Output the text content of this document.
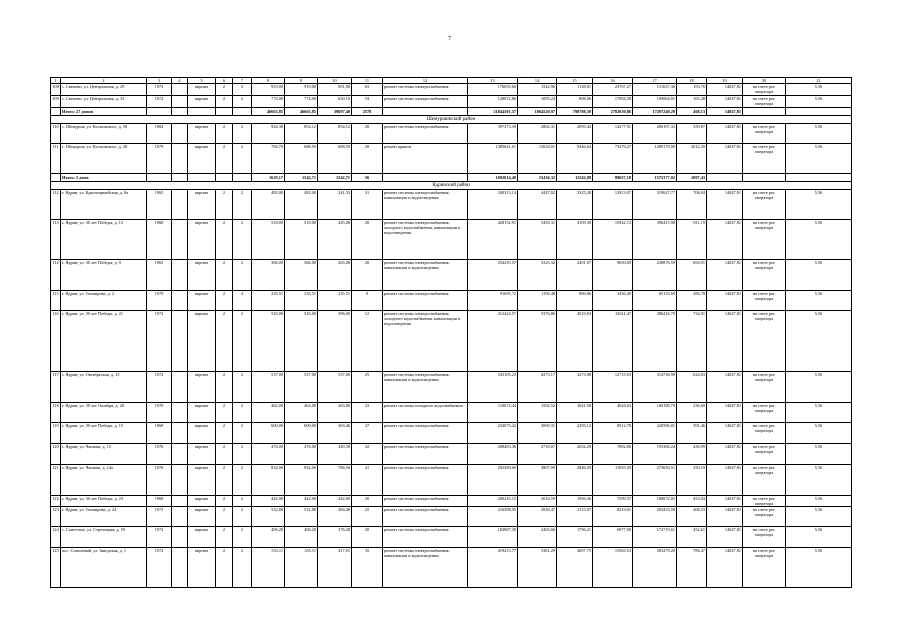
7
1	2	3	4	5	6	7	8	9	10	11	12	13	14	15	16	17	18	19	20	21
108	с. Синьево, ул. Центральная, д. 29	1973		кирпич	2	3	919,00	919,00	691,00	63	ремонт системы электроснабжения	176055,60	1522,96	1138,01	23767,27	151637,36	193,76	14047,81	на счете рег. оператора	5,56
109	с. Синьево, ул. Центральная, д. 32	1972		кирпич	2	2	774,00	774,00	630,10	54	ремонт системы электроснабжения	128072,86	1095,24	808,66	17094,58	109064,01	165,28	14047,81	на счете рег. оператора	5,56
	Итого: 27 домов						46663,85	46663,85	39697,40	2578		21844501,57	1064520,97	790708,30	2782030,86	17207240,29	468,13	14047,81		
Шемуршинский район																				
110	с. Шемурша, ул. Космовского, д. 39	1984		кирпич	2	2	924,38	854,12	854,12	28	ремонт системы электроснабжения	397373,39	2802,31	2095,44	14277,91	286197,33	359,87	14047,81	на счете рег. оператора	5,56
111	с. Шемурша, ул. Космовского, д. 28	1979		кирпич	2	2	704,79	688,59	688,59	28	ремонт крыши	1385641,01	12634,01	9446,64	73379,27	1289179,09	2012,29	14047,81	на счете рег. оператора	5,56
	Итого: 2 дома						1629,17	1542,71	1542,71	56		1692014,40	15436,32	11542,08	89657,18	1575377,02	1097,43			
Ядринский район																				
112	г. Ядрин, ул. Красноармейская, д. 8а	1965		кирпич	2	2	482,00	482,00	241,33	31	ремонт системы электроснабжения, канализации и водоотведения	340313,14	4447,02	3325,28	12913,07	319627,77	706,04	14047,81	на счете рег. оператора	5,56
113	г. Ядрин, ул. 30 лет Победы, д. 13	1968		кирпич	2	2	518,00	518,00	445,00	28	ремонт системы электроснабжения, холодного водоснабжения, канализации и водоотведения	428152,91	5450,31	4109,30	15942,72	396415,98	811,19	14047,81	на счете рег. оператора	5,56
114	г. Ядрин, ул. 30 лет Победы, д. 9	1965		кирпич	2	2	366,00	366,00	265,00	20	ремонт системы электроснабжения, канализации и водоотведения	254235,57	3323,32	2491,97	9650,69	238876,59	694,91	14047,81	на счете рег. оператора	5,56
115	г. Ядрин, ул. Тахмирова, д. 2	1979		кирпич	2	4	235,51	235,51	235,51	9	ремонт системы электроснабжения	91695,72	1190,48	889,86	3436,49	85153,69	386,78	14047,81	на счете рег. оператора	5,56
116	г. Ядрин, ул. 30 лет Победы, д. 21	1972		кирпич	2	2	545,00	545,00	396,00	12	ремонт системы электроснабжения, холодного водоснабжения, канализации и водоотведения	412424,57	5376,86	4019,94	15611,47	386416,79	734,91	14047,81	на счете рег. оператора	5,56
117	г. Ядрин, ул. Октябрьская, д. 13	1972		кирпич	2	2	537,00	537,00	537,00	25	ремонт системы электроснабжения, канализации и водоотведения	335105,23	4373,17	3273,98	12715,03	314736,99	624,03	14047,81	на счете рег. оператора	5,56
118	г. Ядрин, ул. 30 лет Октября, д. 20	1970		кирпич	2	2	462,00	462,00	263,00	23	ремонт системы холодного водоснабжения	110674,44	1592,52	1041,50	4044,63	100190,79	236,69	14047,81	на счете рег. оператора	5,56
119	г. Ядрин, ул. 30 лет Победы, д. 15	1968		кирпич	2	2	600,00	600,00	363,46	27	ремонт системы электроснабжения	234073,42	3069,31	2295,12	8912,78	220596,01	391,46	14047,81	на счете рег. оператора	5,56
120	г. Ядрин, ул. Чапаева, д. 15	1976		кирпич	2	2	476,00	476,00	349,50	32	ремонт системы электроснабжения	208403,36	2718,07	2032,29	7892,86	195366,24	436,99	14047,81	на счете рег. оператора	5,56
121	г. Ядрин, ул. Чапаева, д. 14а	1976		кирпич	2	2	832,00	832,00	786,56	41	ремонт системы электроснабжения	292369,69	3807,09	2846,59	11055,59	273650,51	350,19	14047,81	на счете рег. оператора	5,56
122	г. Ядрин, ул. 30 лет Победы, д. 23	1968		кирпич	2	2	442,00	442,00	442,00	20	ремонт системы электроснабжения	200245,15	2616,59	1956,36	7599,37	188072,83	453,04	14047,81	на счете рег. оператора	5,56
123	г. Ядрин, ул. Тахмирова, д. 24	1973		кирпич	2	2	532,80	532,80	484,40	25	ремонт системы электроснабжения	216398,95	2830,47	2115,97	8219,01	203433,50	406,53	14047,81	на счете рег. оператора	5,56
124	с. Советское, ул. Стрелецкая, д. 59	1972		кирпич	2	2	406,28	406,28	376,28	20	ремонт системы электроснабжения	183887,38	2403,66	1796,21	6977,90	172719,61	452,61	14047,81	на счете рег. оператора	5,56
125	пос. Совхозный, ул. Заводская, д. 1	1972		кирпич	2	2	533,11	335,11	417,01	35	ремонт системы электроснабжения, канализации и водоотведения	419213,77	5361,29	4007,75	15563,53	383279,20	786,47	14047,81	на счете рег. оператора	5,56
